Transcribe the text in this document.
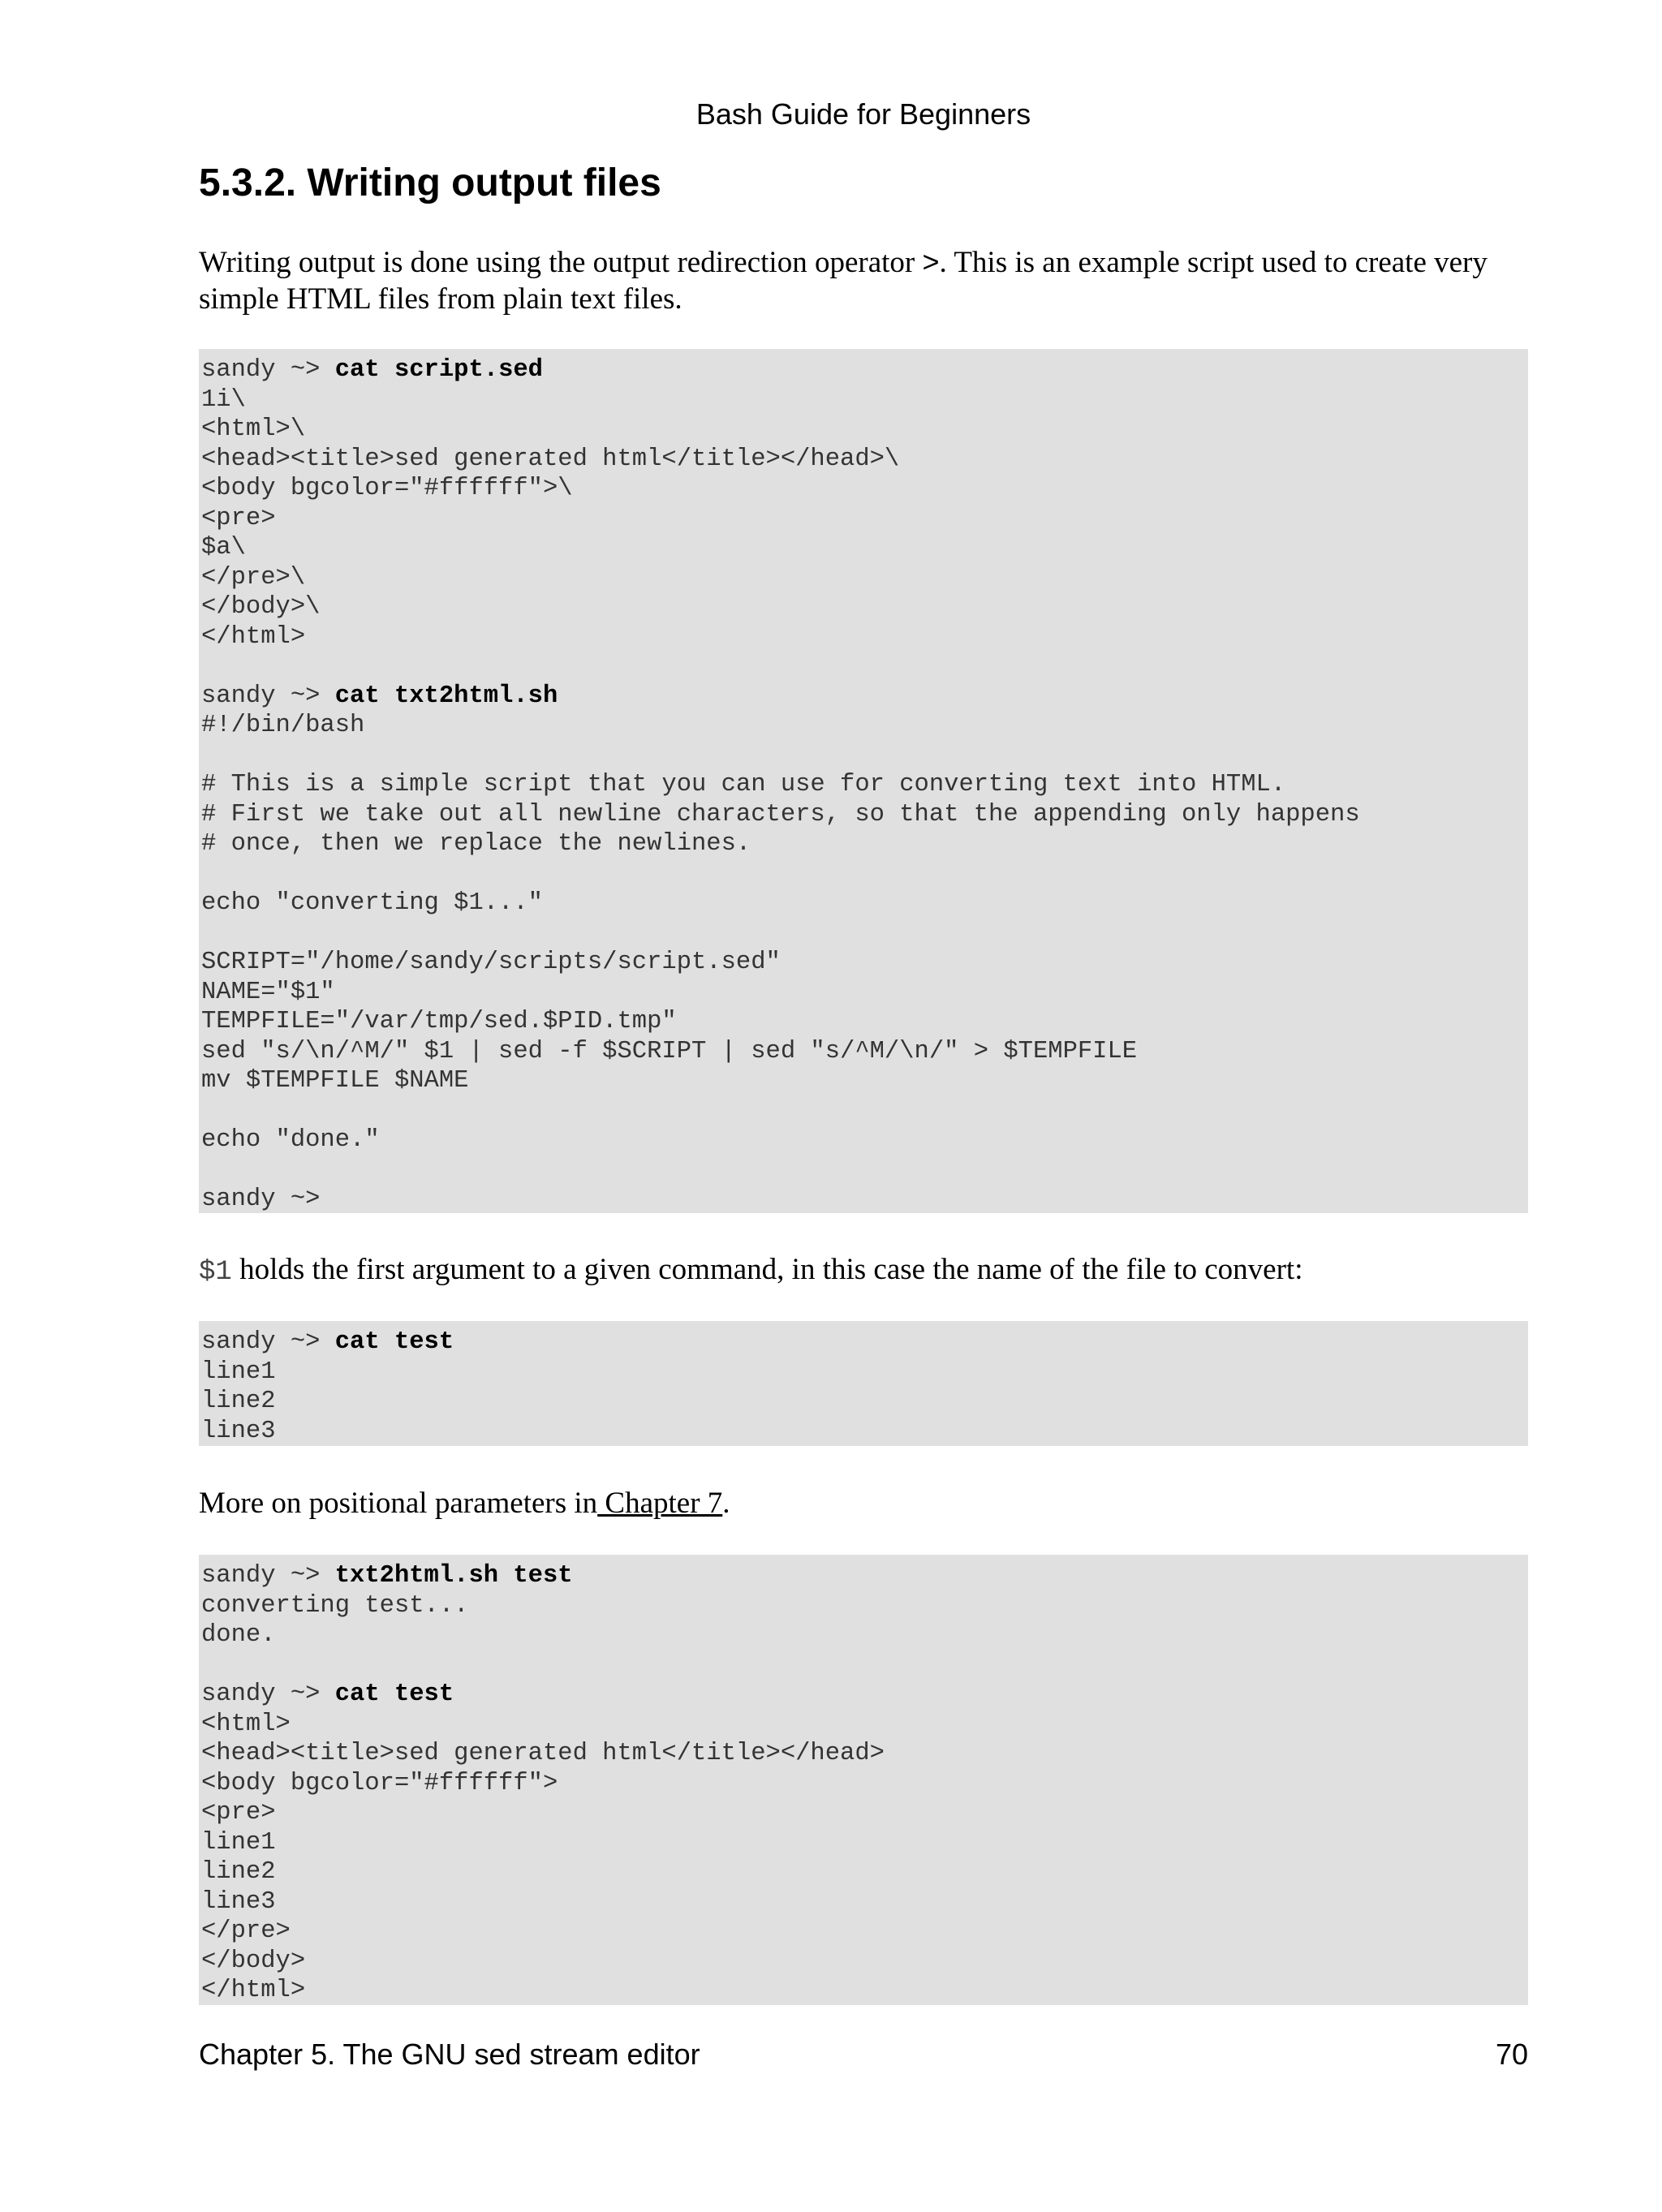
Bash Guide for Beginners
5.3.2. Writing output files

Writing output is done using the output redirection operator >. This is an example script used to create very simple HTML files from plain text files.

sandy ~> cat script.sed
1i\
<html>\
<head><title>sed generated html</title></head>\
<body bgcolor="#ffffff">\
<pre>
$a\
</pre>\
</body>\
</html>
sandy ~> cat txt2html.sh
#!/bin/bash
# This is a simple script that you can use for converting text into HTML.
# First we take out all newline characters, so that the appending only happens
# once, then we replace the newlines.
echo "converting $1..."
SCRIPT="/home/sandy/scripts/script.sed"
NAME="$1"
TEMPFILE="/var/tmp/sed.$PID.tmp"
sed "s/\n/^M/" $1 | sed -f $SCRIPT | sed "s/^M/\n/" > $TEMPFILE
mv $TEMPFILE $NAME
echo "done."
sandy ~>

$1 holds the first argument to a given command, in this case the name of the file to convert:

sandy ~> cat test
line1
line2
line3

More on positional parameters in Chapter 7.

sandy ~> txt2html.sh test
converting test...
done.
sandy ~> cat test
<html>
<head><title>sed generated html</title></head>
<body bgcolor="#ffffff">
<pre>
line1
line2
line3
</pre>
</body>
</html>
Chapter 5. The GNU sed stream editor	70
